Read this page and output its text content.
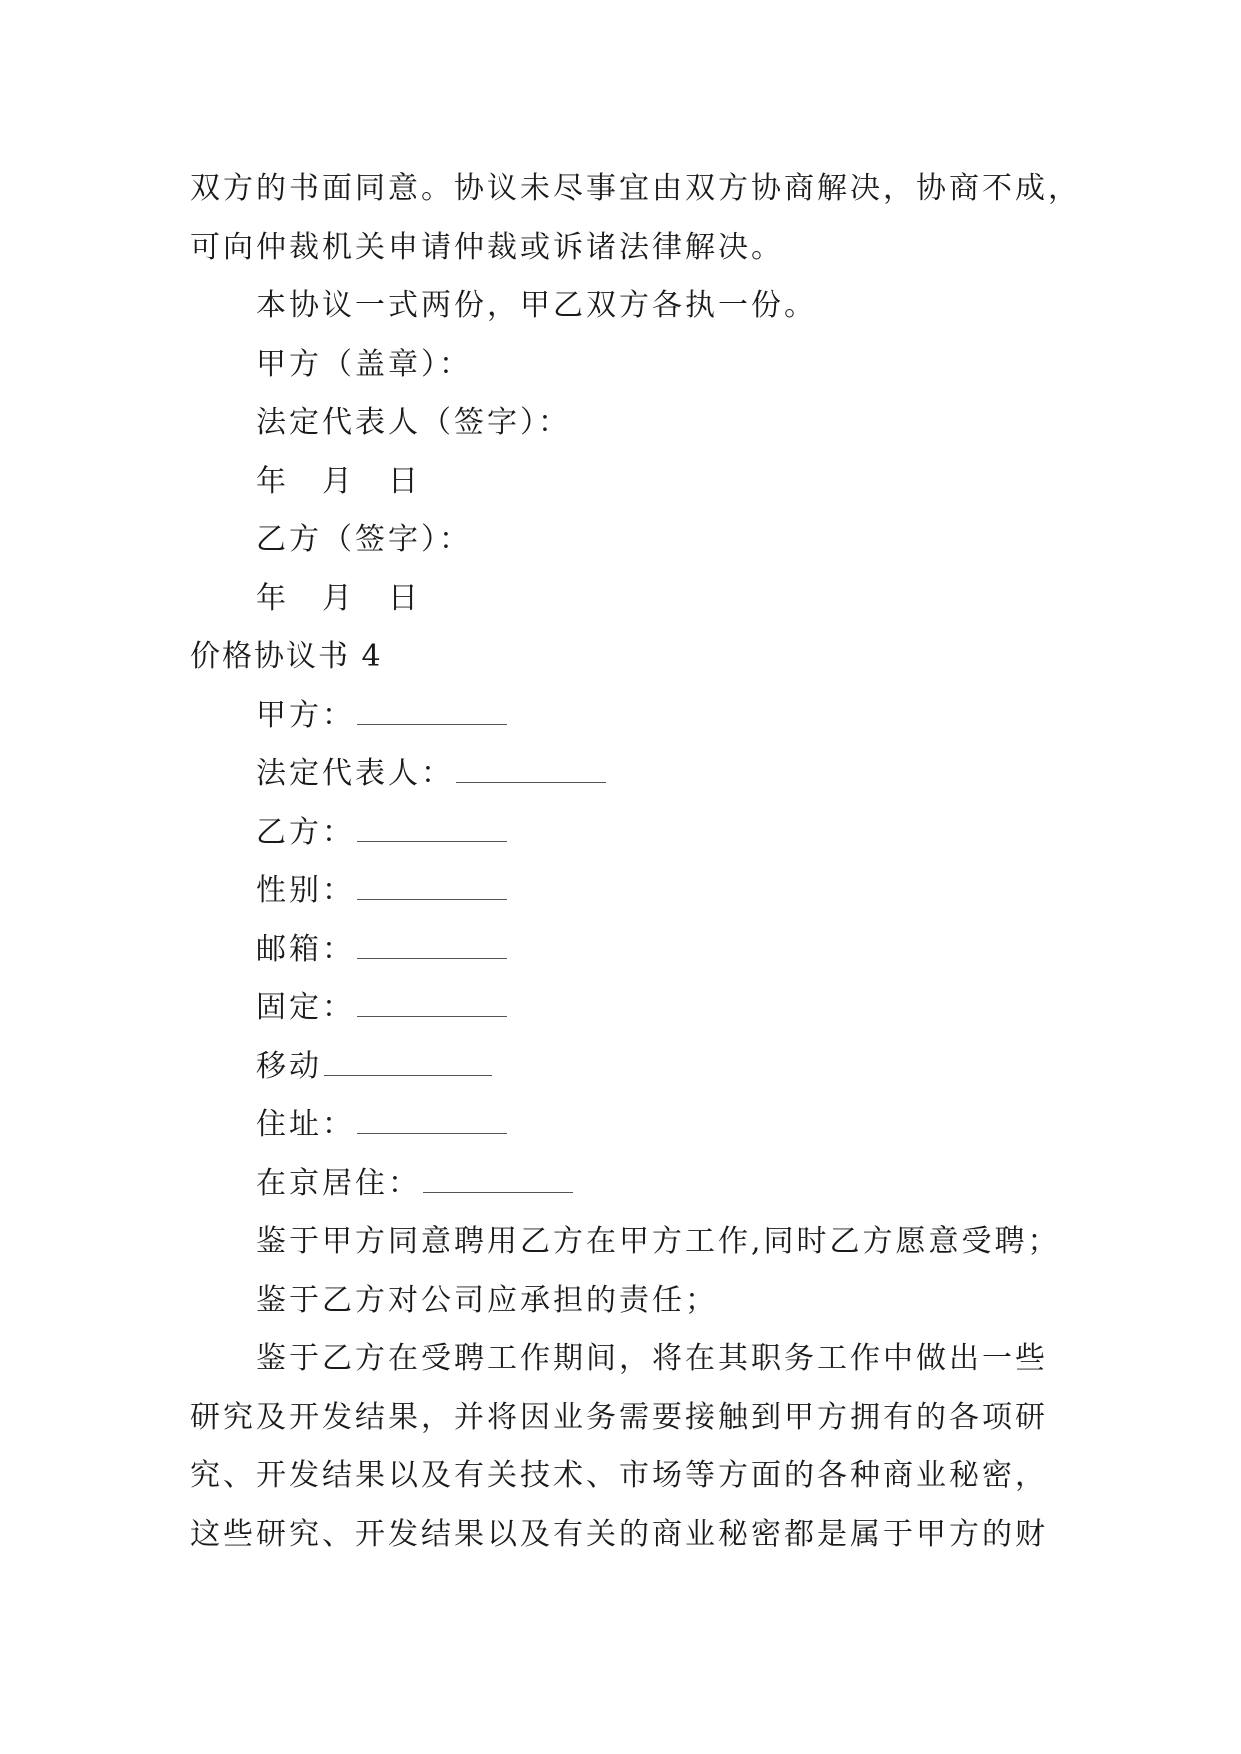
双方的书面同意。协议未尽事宜由双方协商解决，协商不成，
可向仲裁机关申请仲裁或诉诸法律解决。
本协议一式两份，甲乙双方各执一份。
甲方（盖章）：
法定代表人（签字）：
年　月　日
乙方（签字）：
年　月　日
价格协议书 4
甲方：
法定代表人：
乙方：
性别：
邮箱：
固定：
移动
住址：
在京居住：
鉴于甲方同意聘用乙方在甲方工作,同时乙方愿意受聘；
鉴于乙方对公司应承担的责任；
鉴于乙方在受聘工作期间，将在其职务工作中做出一些
研究及开发结果，并将因业务需要接触到甲方拥有的各项研
究、开发结果以及有关技术、市场等方面的各种商业秘密，
这些研究、开发结果以及有关的商业秘密都是属于甲方的财
